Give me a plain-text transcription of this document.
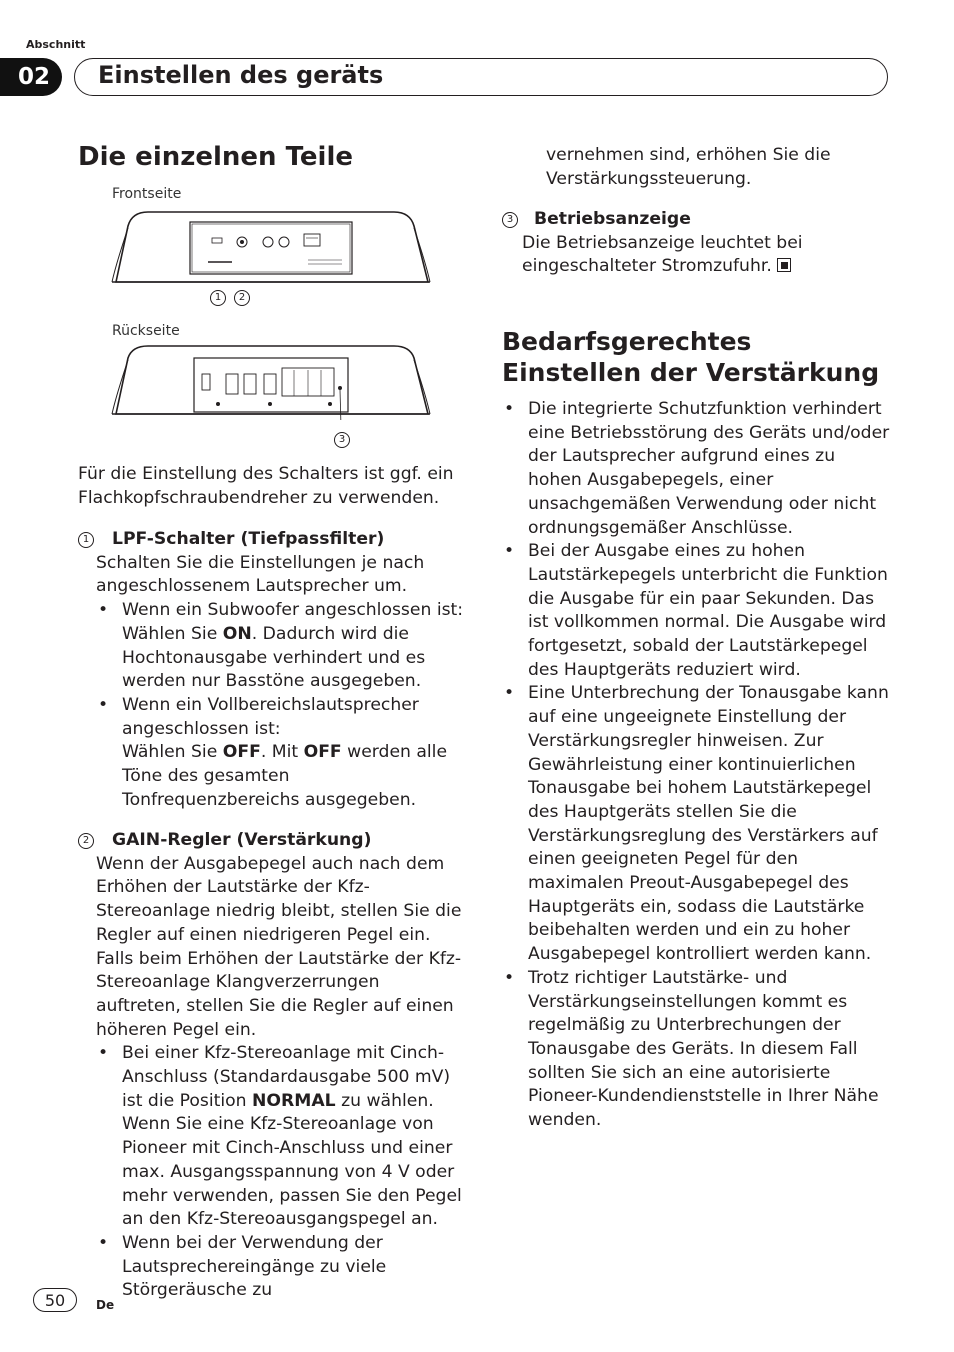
Abschnitt
02	Einstellen des geräts
Die einzelnen Teile
Frontseite
1	2
Rückseite
3
Für die Einstellung des Schalters ist ggf. ein Flachkopfschraubendreher zu verwenden.

1 LPF-Schalter (Tiefpassfilter)

Schalten Sie die Einstellungen je nach angeschlossenem Lautsprecher um.

• Wenn ein Subwoofer angeschlossen ist: Wählen Sie ON. Dadurch wird die Hochtonausgabe verhindert und es werden nur Basstöne ausgegeben.
• Wenn ein Vollbereichslautsprecher angeschlossen ist:
Wählen Sie OFF. Mit OFF werden alle Töne des gesamten Tonfrequenzbereichs ausgegeben.

2 GAIN-Regler (Verstärkung)

Wenn der Ausgabepegel auch nach dem Erhöhen der Lautstärke der Kfz-Stereoanlage niedrig bleibt, stellen Sie die Regler auf einen niedrigeren Pegel ein. Falls beim Erhöhen der Lautstärke der Kfz-Stereoanlage Klangverzerrungen auftreten, stellen Sie die Regler auf einen höheren Pegel ein.

• Bei einer Kfz-Stereoanlage mit Cinch-Anschluss (Standardausgabe 500 mV) ist die Position NORMAL zu wählen. Wenn Sie eine Kfz-Stereoanlage von Pioneer mit Cinch-Anschluss und einer max. Ausgangsspannung von 4 V oder mehr verwenden, passen Sie den Pegel an den Kfz-Stereoausgangspegel an.
• Wenn bei der Verwendung der Lautsprechereingänge zu viele Störgeräusche zu
vernehmen sind, erhöhen Sie die Verstärkungssteuerung.

3 Betriebsanzeige

Die Betriebsanzeige leuchtet bei eingeschalteter Stromzufuhr.

Bedarfsgerechtes
Einstellen der Verstärkung
• Die integrierte Schutzfunktion verhindert eine Betriebsstörung des Geräts und/oder der Lautsprecher aufgrund eines zu hohen Ausgabepegels, einer unsachgemäßen Verwendung oder nicht ordnungsgemäßer Anschlüsse.
• Bei der Ausgabe eines zu hohen Lautstärkepegels unterbricht die Funktion die Ausgabe für ein paar Sekunden. Das ist vollkommen normal. Die Ausgabe wird fortgesetzt, sobald der Lautstärkepegel des Hauptgeräts reduziert wird.
• Eine Unterbrechung der Tonausgabe kann auf eine ungeeignete Einstellung der Verstärkungsregler hinweisen. Zur Gewährleistung einer kontinuierlichen Tonausgabe bei hohem Lautstärkepegel des Hauptgeräts stellen Sie die Verstärkungsreglung des Verstärkers auf einen geeigneten Pegel für den maximalen Preout-Ausgabepegel des Hauptgeräts ein, sodass die Lautstärke beibehalten werden und ein zu hoher Ausgabepegel kontrolliert werden kann.
• Trotz richtiger Lautstärke- und Verstärkungseinstellungen kommt es regelmäßig zu Unterbrechungen der Tonausgabe des Geräts. In diesem Fall sollten Sie sich an eine autorisierte Pioneer-Kundendienststelle in Ihrer Nähe wenden.
50	De
